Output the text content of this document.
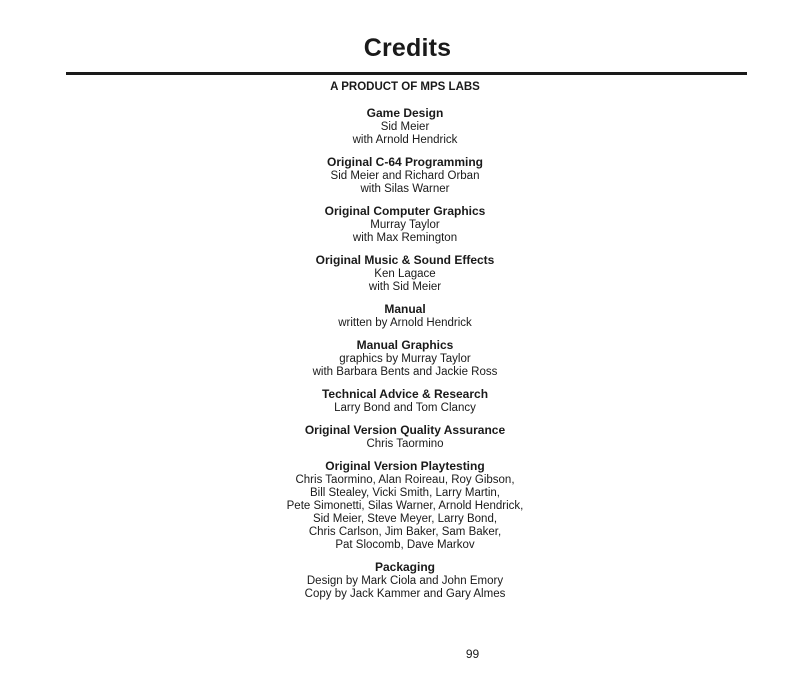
Credits
A PRODUCT OF MPS LABS
Game Design
Sid Meier
with Arnold Hendrick
Original C-64 Programming
Sid Meier and Richard Orban
with Silas Warner
Original Computer Graphics
Murray Taylor
with Max Remington
Original Music & Sound Effects
Ken Lagace
with Sid Meier
Manual
written by Arnold Hendrick
Manual Graphics
graphics by Murray Taylor
with Barbara Bents and Jackie Ross
Technical Advice & Research
Larry Bond and Tom Clancy
Original Version Quality Assurance
Chris Taormino
Original Version Playtesting
Chris Taormino, Alan Roireau, Roy Gibson,
Bill Stealey, Vicki Smith, Larry Martin,
Pete Simonetti, Silas Warner, Arnold Hendrick,
Sid Meier, Steve Meyer, Larry Bond,
Chris Carlson, Jim Baker, Sam Baker,
Pat Slocomb, Dave Markov
Packaging
Design by Mark Ciola and John Emory
Copy by Jack Kammer and Gary Almes
99
